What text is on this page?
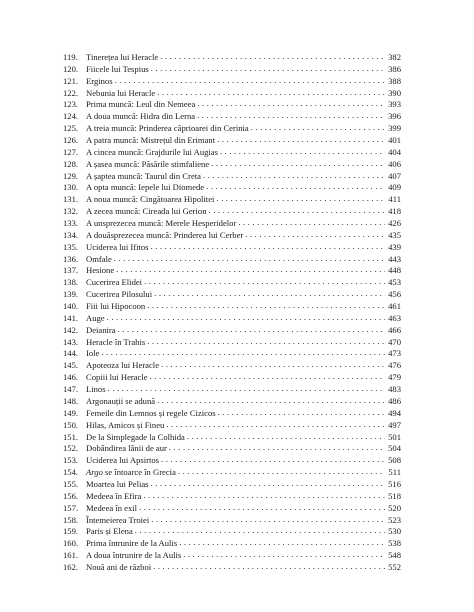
119. Tinerețea lui Heracle . . .	382
120. Fiicele lui Tespius . . .	386
121. Erginos . . .	388
122. Nebunia lui Heracle . . .	390
123. Prima muncă: Leul din Nemeea . . .	393
124. A doua muncă: Hidra din Lerna . . .	396
125. A treia muncă: Prinderea căprioarei din Cerinia . . .	399
126. A patra muncă: Mistrețul din Erimant . . .	401
127. A cincea muncă: Grajdurile lui Augias . . .	404
128. A șasea muncă: Păsările stimfaliene . . .	406
129. A șaptea muncă: Taurul din Creta . . .	407
130. A opta muncă: Iepele lui Diomede . . .	409
131. A noua muncă: Cingătoarea Hipolitei . . .	411
132. A zecea muncă: Cireada lui Gerion . . .	418
133. A unsprezecea muncă: Merele Hesperidelor . . .	426
134. A douăsprezecea muncă: Prinderea lui Cerber . . .	435
135. Uciderea lui Ifitos . . .	439
136. Omfale . . .	443
137. Hesione . . .	448
138. Cucerirea Elidei . . .	453
139. Cucerirea Pilosului . . .	456
140. Fiii lui Hipocoon . . .	461
141. Auge . . .	463
142. Deianira . . .	466
143. Heracle în Trahis . . .	470
144. Iole . . .	473
145. Apoteoza lui Heracle . . .	476
146. Copiii lui Heracle . . .	479
147. Linos . . .	483
148. Argonauții se adună . . .	486
149. Femeile din Lemnos și regele Cizicos . . .	494
150. Hilas, Amicos și Fineu . . .	497
151. De la Simplegade la Colhida . . .	501
152. Dobândirea lânii de aur . . .	504
153. Uciderea lui Apsirtos . . .	508
154. Argo se întoarce în Grecia . . .	511
155. Moartea lui Pelias . . .	516
156. Medeea în Efira . . .	518
157. Medeea în exil . . .	520
158. Întemeierea Troiei . . .	523
159. Paris și Elena . . .	530
160. Prima întrunire de la Aulis . . .	538
161. A doua întrunire de la Aulis . . .	548
162. Nouă ani de război . . .	552
